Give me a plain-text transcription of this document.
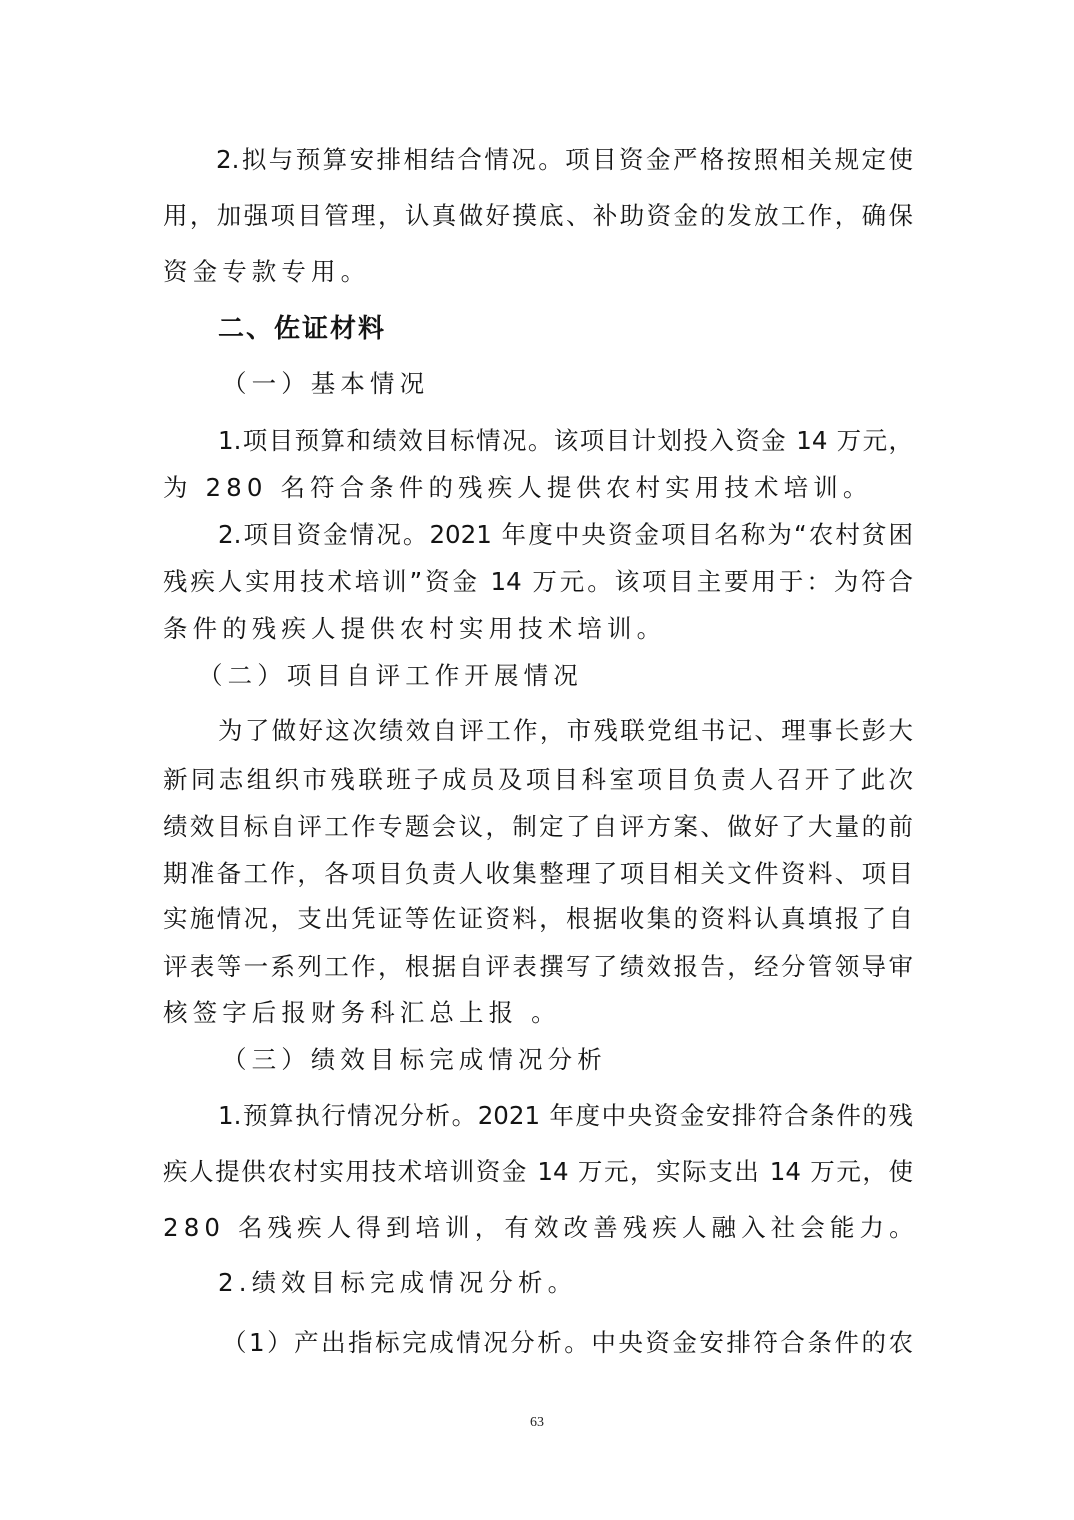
2.拟与预算安排相结合情况。项目资金严格按照相关规定使
用，加强项目管理，认真做好摸底、补助资金的发放工作，确保
资金专款专用。
二、佐证材料
（一）基本情况
1.项目预算和绩效目标情况。该项目计划投入资金 14 万元，
为 280 名符合条件的残疾人提供农村实用技术培训。
2.项目资金情况。2021 年度中央资金项目名称为“农村贫困
残疾人实用技术培训”资金 14 万元。该项目主要用于：为符合
条件的残疾人提供农村实用技术培训。
（二）项目自评工作开展情况
为了做好这次绩效自评工作，市残联党组书记、理事长彭大
新同志组织市残联班子成员及项目科室项目负责人召开了此次
绩效目标自评工作专题会议，制定了自评方案、做好了大量的前
期准备工作，各项目负责人收集整理了项目相关文件资料、项目
实施情况，支出凭证等佐证资料，根据收集的资料认真填报了自
评表等一系列工作，根据自评表撰写了绩效报告，经分管领导审
核签字后报财务科汇总上报 。
（三）绩效目标完成情况分析
1.预算执行情况分析。2021 年度中央资金安排符合条件的残
疾人提供农村实用技术培训资金 14 万元，实际支出 14 万元，使
280 名残疾人得到培训，有效改善残疾人融入社会能力。
2.绩效目标完成情况分析。
（1）产出指标完成情况分析。中央资金安排符合条件的农
63
